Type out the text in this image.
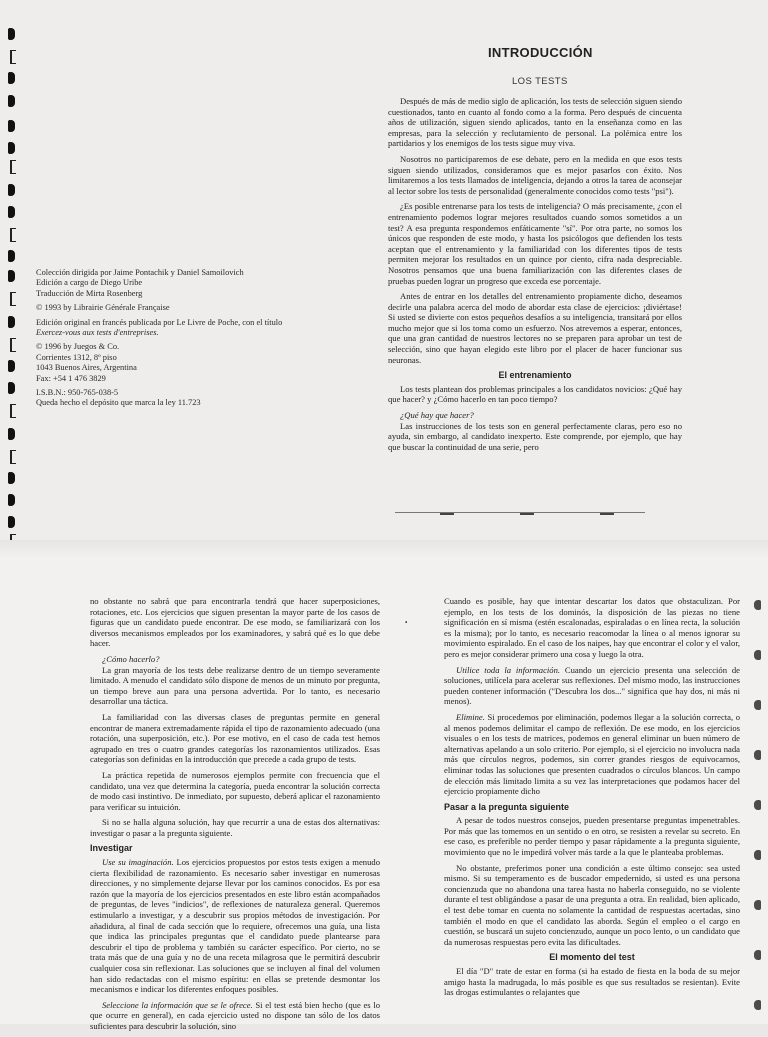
Colección dirigida por Jaime Pontachik y Daniel Samoilovich
Edición a cargo de Diego Uribe
Traducción de Mirta Rosenberg

© 1993 by Librairie Générale Française

Edición original en francés publicada por Le Livre de Poche, con el título
Exercez-vous aux tests d'entreprises.

© 1996 by Juegos & Co.
Corrientes 1312, 8º piso
1043 Buenos Aires, Argentina
Fax: +54 1 476 3829

I.S.B.N.: 950-765-038-5
Queda hecho el depósito que marca la ley 11.723

INTRODUCCIÓN
LOS TESTS

Después de más de medio siglo de aplicación, los tests de selección siguen siendo cuestionados, tanto en cuanto al fondo como a la forma. Pero después de cincuenta años de utilización, siguen siendo aplicados, tanto en la enseñanza como en las empresas, para la selección y reclutamiento de personal. La polémica entre los partidarios y los enemigos de los tests sigue muy viva.

Nosotros no participaremos de ese debate, pero en la medida en que esos tests siguen siendo utilizados, consideramos que es mejor pasarlos con éxito. Nos limitaremos a los tests llamados de inteligencia, dejando a otros la tarea de aconsejar al lector sobre los tests de personalidad (generalmente conocidos como tests "psi").

¿Es posible entrenarse para los tests de inteligencia? O más precisamente, ¿con el entrenamiento podemos lograr mejores resultados cuando somos sometidos a un test? A esa pregunta respondemos enfáticamente "sí". Por otra parte, no somos los únicos que responden de este modo, y hasta los psicólogos que defienden los tests aceptan que el entrenamiento y la familiaridad con los diferentes tipos de tests permiten mejorar los resultados en un quince por ciento, cifra nada despreciable. Nosotros pensamos que una buena familiarización con las diferentes clases de pruebas pueden lograr un progreso que exceda ese porcentaje.

Antes de entrar en los detalles del entrenamiento propiamente dicho, deseamos decirle una palabra acerca del modo de abordar esta clase de ejercicios: ¡diviértase! Si usted se divierte con estos pequeños desafíos a su inteligencia, transitará por ellos mucho mejor que si los toma como un esfuerzo. Nos atrevemos a esperar, entonces, que una gran cantidad de nuestros lectores no se preparen para aprobar un test de selección, sino que hayan elegido este libro por el placer de hacer funcionar sus neuronas.

El entrenamiento

Los tests plantean dos problemas principales a los candidatos novicios: ¿Qué hay que hacer? y ¿Cómo hacerlo en tan poco tiempo?

¿Qué hay que hacer?

Las instrucciones de los tests son en general perfectamente claras, pero eso no ayuda, sin embargo, al candidato inexperto. Este comprende, por ejemplo, que hay que buscar la continuidad de una serie, pero

·

no obstante no sabrá que para encontrarla tendrá que hacer superposiciones, rotaciones, etc. Los ejercicios que siguen presentan la mayor parte de los casos de figuras que un candidato puede encontrar. De ese modo, se familiarizará con los diversos mecanismos empleados por los examinadores, y sabrá qué es lo que debe hacer.

¿Cómo hacerlo?

La gran mayoría de los tests debe realizarse dentro de un tiempo severamente limitado. A menudo el candidato sólo dispone de menos de un minuto por pregunta, un tiempo breve aun para una persona advertida. Por lo tanto, es necesario desarrollar una táctica.

La familiaridad con las diversas clases de preguntas permite en general encontrar de manera extremadamente rápida el tipo de razonamiento adecuado (una rotación, una superposición, etc.). Por ese motivo, en el caso de cada test hemos agrupado en tres o cuatro grandes categorías los razonamientos utilizados. Esas categorías son definidas en la introducción que precede a cada grupo de tests.

La práctica repetida de numerosos ejemplos permite con frecuencia que el candidato, una vez que determina la categoría, pueda encontrar la solución correcta de modo casi instintivo. De inmediato, por supuesto, deberá aplicar el razonamiento para verificar su intuición.

Si no se halla alguna solución, hay que recurrir a una de estas dos alternativas: investigar o pasar a la pregunta siguiente.

Investigar

Use su imaginación. Los ejercicios propuestos por estos tests exigen a menudo cierta flexibilidad de razonamiento. Es necesario saber investigar en numerosas direcciones, y no simplemente dejarse llevar por los caminos conocidos. Es por esa razón que la mayoría de los ejercicios presentados en este libro están acompañados de preguntas, de leves "indicios", de reflexiones de naturaleza general. Queremos estimularlo a investigar, y a descubrir sus propios métodos de investigación. Por añadidura, al final de cada sección que lo requiere, ofrecemos una guía, una lista que indica las principales preguntas que el candidato puede plantearse para descubrir el tipo de problema y también su carácter específico. Por cierto, no se trata más que de una guía y no de una receta milagrosa que le permitirá descubrir cualquier cosa sin reflexionar. Las soluciones que se incluyen al final del volumen han sido redactadas con el mismo espíritu: en ellas se pretende desmontar los mecanismos e indicar los diferentes enfoques posibles.

Seleccione la información que se le ofrece. Si el test está bien hecho (que es lo que ocurre en general), en cada ejercicio usted no dispone tan sólo de los datos suficientes para descubrir la solución, sino

Cuando es posible, hay que intentar descartar los datos que obstaculizan. Por ejemplo, en los tests de los dominós, la disposición de las piezas no tiene significación en sí misma (estén escalonadas, espiraladas o en línea recta, la solución es la misma); por lo tanto, es necesario reacomodar la línea o al menos ignorar su movimiento espiralado. En el caso de los naipes, hay que encontrar el color y el valor, pero es mejor considerar primero una cosa y luego la otra.

Utilice toda la información. Cuando un ejercicio presenta una selección de soluciones, utilícela para acelerar sus reflexiones. Del mismo modo, las instrucciones pueden contener información ("Descubra los dos..." significa que hay dos, ni más ni menos).

Elimine. Si procedemos por eliminación, podemos llegar a la solución correcta, o al menos podemos delimitar el campo de reflexión. De ese modo, en los ejercicios visuales o en los tests de matrices, podemos en general eliminar un buen número de alternativas apelando a un solo criterio. Por ejemplo, si el ejercicio no involucra nada más que círculos negros, podemos, sin correr grandes riesgos de equivocarnos, eliminar todas las soluciones que presenten cuadrados o círculos blancos. Un campo de elección más limitado limita a su vez las interpretaciones que podamos hacer del ejercicio propiamente dicho

Pasar a la pregunta siguiente

A pesar de todos nuestros consejos, pueden presentarse preguntas impenetrables. Por más que las tomemos en un sentido o en otro, se resisten a revelar su secreto. En ese caso, es preferible no perder tiempo y pasar rápidamente a la pregunta siguiente, movimiento que no le impedirá volver más tarde a la que le planteaba problemas.

No obstante, preferimos poner una condición a este último consejo: sea usted mismo. Si su temperamento es de buscador empedernido, si usted es una persona concienzuda que no abandona una tarea hasta no haberla conseguido, no se violente durante el test obligándose a pasar de una pregunta a otra. En realidad, bien aplicado, el test debe tomar en cuenta no solamente la cantidad de respuestas acertadas, sino también el modo en que el candidato las aborda. Según el empleo o el cargo en cuestión, se buscará un sujeto concienzudo, aunque un poco lento, o un candidato que da numerosas respuestas pero evita las dificultades.

El momento del test

El día "D" trate de estar en forma (si ha estado de fiesta en la boda de su mejor amigo hasta la madrugada, lo más posible es que sus resultados se resientan). Evite las drogas estimulantes o relajantes que
